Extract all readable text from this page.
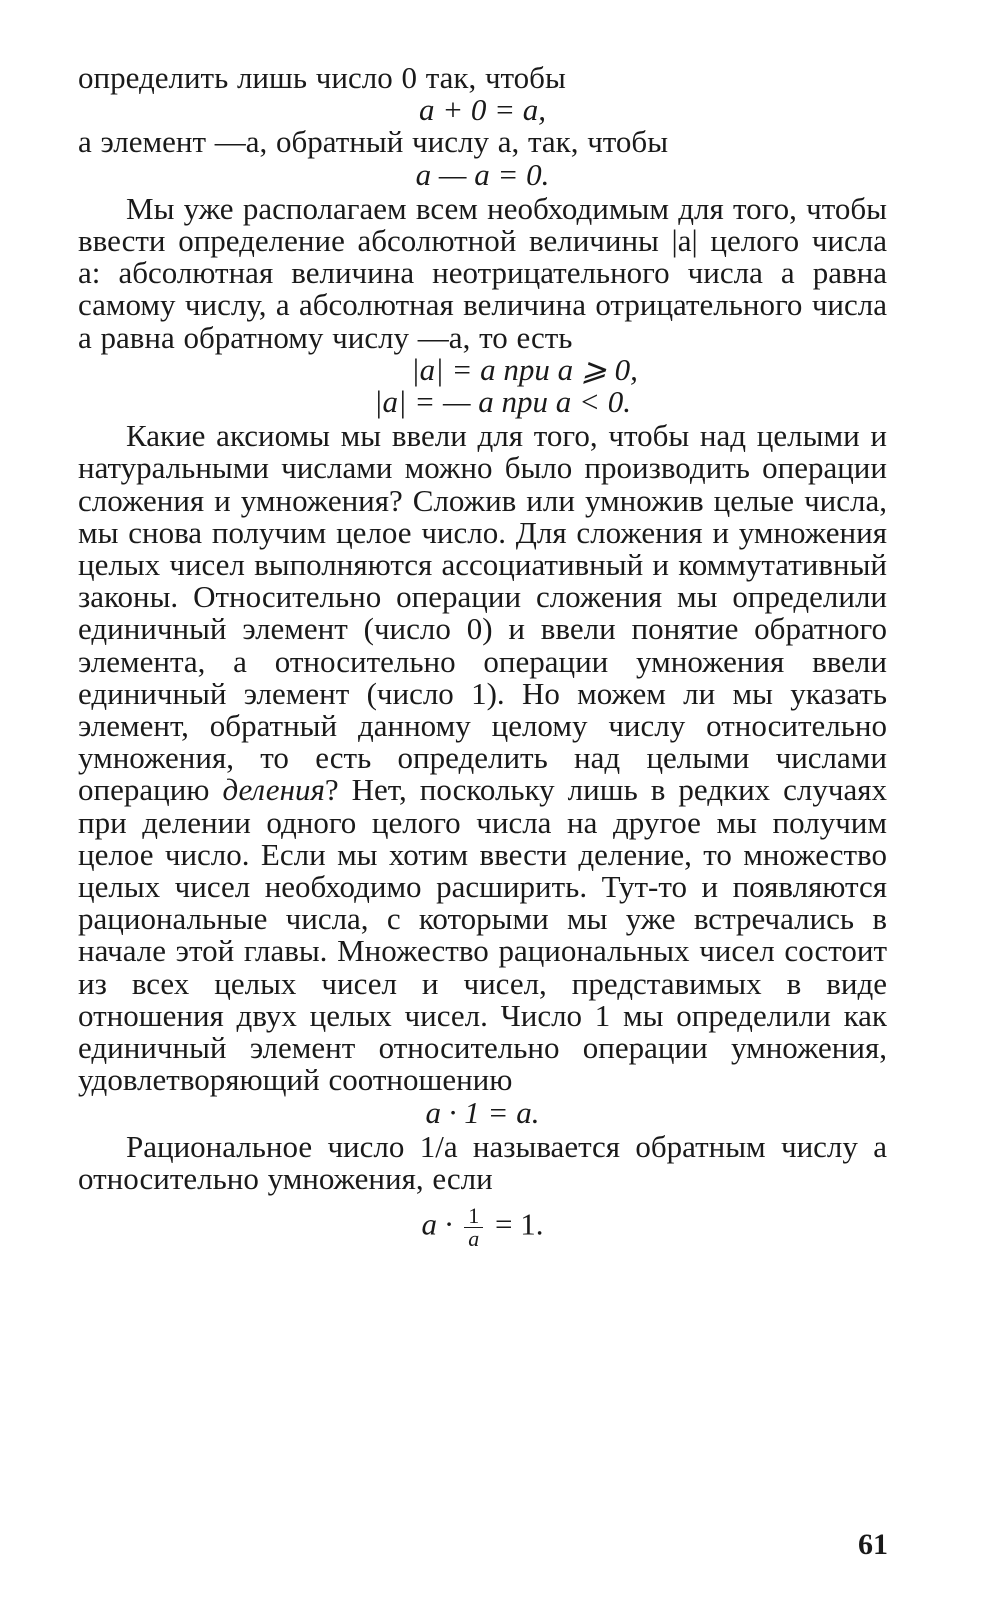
определить лишь число 0 так, чтобы

a + 0 = a,

а элемент —a, обратный числу a, так, чтобы

a — a = 0.

Мы уже располагаем всем необходимым для того, чтобы ввести определение абсолютной величины |a| целого числа a: абсолютная величина неотрицательного числа a равна самому числу, а абсолютная величина отрицательного числа a равна обратному числу —a, то есть

|a| = a при a ⩾ 0,
|a| = — a при a < 0.

Какие аксиомы мы ввели для того, чтобы над целыми и натуральными числами можно было производить операции сложения и умножения? Сложив или умножив целые числа, мы снова получим целое число. Для сложения и умножения целых чисел выполняются ассоциативный и коммутативный законы. Относительно операции сложения мы определили единичный элемент (число 0) и ввели понятие обратного элемента, а относительно операции умножения ввели единичный элемент (число 1). Но можем ли мы указать элемент, обратный данному целому числу относительно умножения, то есть определить над целыми числами операцию деления? Нет, поскольку лишь в редких случаях при делении одного целого числа на другое мы получим целое число. Если мы хотим ввести деление, то множество целых чисел необходимо расширить. Тут-то и появляются рациональные числа, с которыми мы уже встречались в начале этой главы. Множество рациональных чисел состоит из всех целых чисел и чисел, представимых в виде отношения двух целых чисел. Число 1 мы определили как единичный элемент относительно операции умножения, удовлетворяющий соотношению

a · 1 = a.

Рациональное число 1/a называется обратным числу a относительно умножения, если

$a \cdot \frac{1}{a} = 1$.

61
